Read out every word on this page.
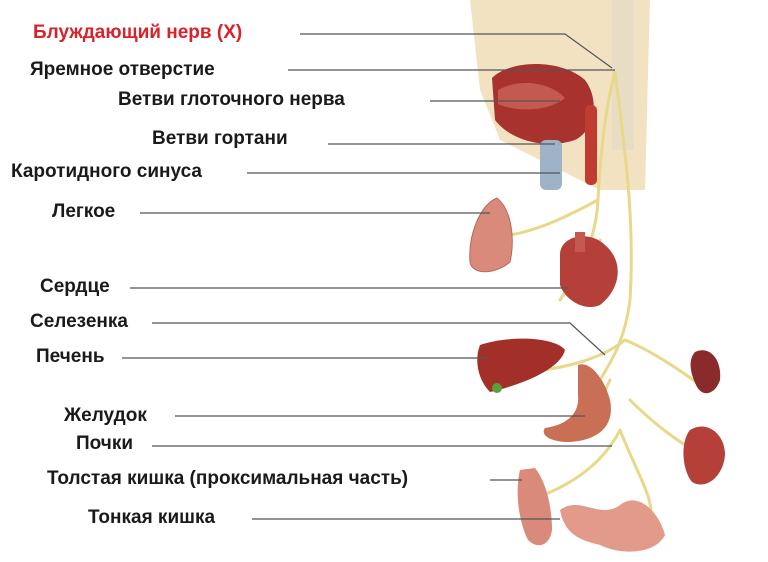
Блуждающий нерв (X)
Яремное отверстие
Ветви глоточного нерва
Ветви гортани
Каротидного синуса
Легкое
Сердце
Селезенка
Печень
Желудок
Почки
Толстая кишка (проксимальная часть)
Тонкая кишка
